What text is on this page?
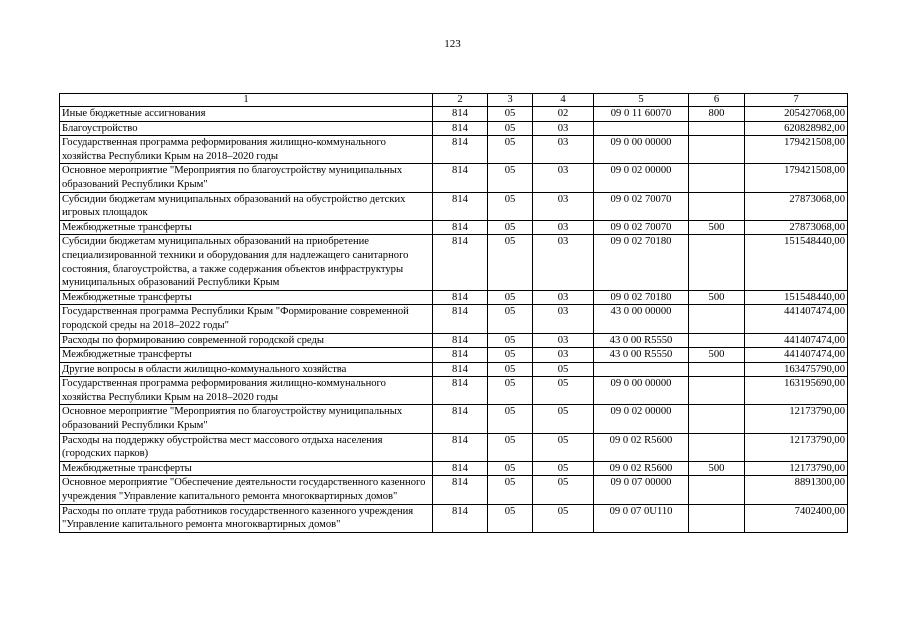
123
1	2	3	4	5	6	7
Иные бюджетные ассигнования	814	05	02	09 0 11 60070	800	205427068,00
Благоустройство	814	05	03			620828982,00
Государственная программа реформирования жилищно-коммунального хозяйства Республики Крым на 2018–2020 годы	814	05	03	09 0 00 00000		179421508,00
Основное мероприятие "Мероприятия по благоустройству муниципальных образований Республики Крым"	814	05	03	09 0 02 00000		179421508,00
Субсидии бюджетам муниципальных образований на обустройство детских игровых площадок	814	05	03	09 0 02 70070		27873068,00
Межбюджетные трансферты	814	05	03	09 0 02 70070	500	27873068,00
Субсидии бюджетам муниципальных образований на приобретение специализированной техники и оборудования для надлежащего санитарного состояния, благоустройства, а также содержания объектов инфраструктуры муниципальных образований Республики Крым	814	05	03	09 0 02 70180		151548440,00
Межбюджетные трансферты	814	05	03	09 0 02 70180	500	151548440,00
Государственная программа Республики Крым "Формирование современной городской среды на 2018–2022 годы"	814	05	03	43 0 00 00000		441407474,00
Расходы по формированию современной городской среды	814	05	03	43 0 00 R5550		441407474,00
Межбюджетные трансферты	814	05	03	43 0 00 R5550	500	441407474,00
Другие вопросы в области жилищно-коммунального хозяйства	814	05	05			163475790,00
Государственная программа реформирования жилищно-коммунального хозяйства Республики Крым на 2018–2020 годы	814	05	05	09 0 00 00000		163195690,00
Основное мероприятие "Мероприятия по благоустройству муниципальных образований Республики Крым"	814	05	05	09 0 02 00000		12173790,00
Расходы на поддержку обустройства мест массового отдыха населения (городских парков)	814	05	05	09 0 02 R5600		12173790,00
Межбюджетные трансферты	814	05	05	09 0 02 R5600	500	12173790,00
Основное мероприятие "Обеспечение деятельности государственного казенного учреждения "Управление капитального ремонта многоквартирных домов"	814	05	05	09 0 07 00000		8891300,00
Расходы по оплате труда работников государственного казенного учреждения "Управление капитального ремонта многоквартирных домов"	814	05	05	09 0 07 0U110		7402400,00
